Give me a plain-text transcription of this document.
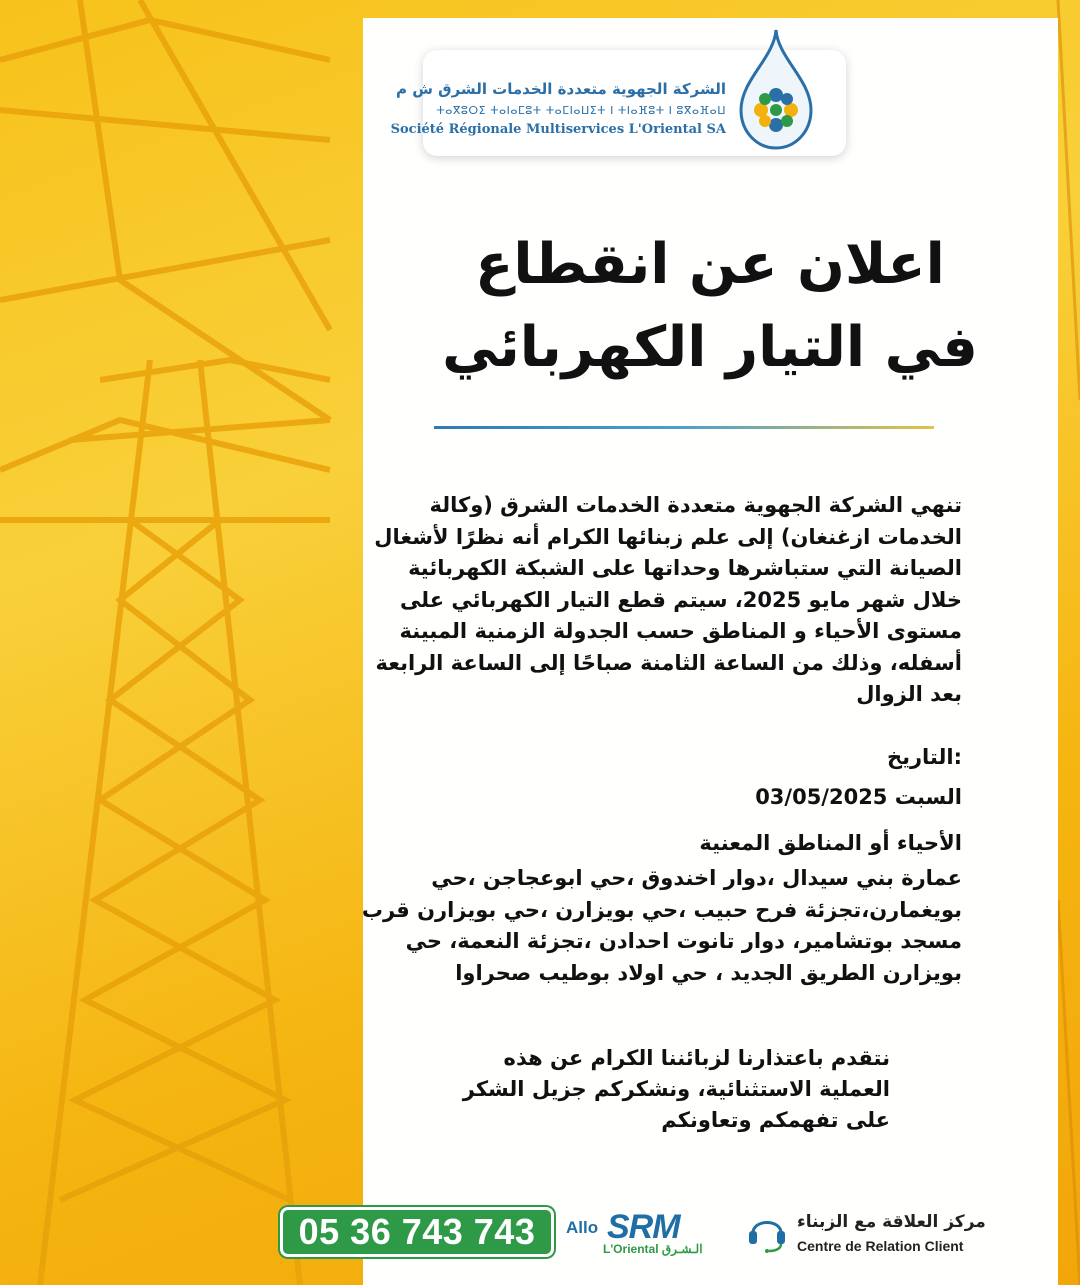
الشركة الجهوية متعددة الخدمات الشرق ش م
ⵜⴰⴳⵓⵔⵉ ⵜⴰⵏⴰⵎⵓⵜ ⵜⴰⵎⵏⴰⵡⵉⵜ ⵏ ⵜⵏⴰⴼⵓⵜ ⵏ ⵓⴳⴰⴼⴰⵡ
Société Régionale Multiservices L'Oriental SA
اعلان عن انقطاع
في التيار الكهربائي
تنهي الشركة الجهوية متعددة الخدمات الشرق (وكالة الخدمات ازغنغان) إلى علم زبنائها الكرام أنه نظرًا لأشغال الصيانة التي ستباشرها وحداتها على الشبكة الكهربائية خلال شهر مايو 2025، سيتم قطع التيار الكهربائي على مستوى الأحياء و المناطق حسب الجدولة الزمنية المبينة أسفله، وذلك من الساعة الثامنة صباحًا إلى الساعة الرابعة بعد الزوال
:التاريخ
السبت 03/05/2025
الأحياء أو المناطق المعنية
عمارة بني سيدال ،دوار اخندوق ،حي ابوعجاجن ،حي بويغمارن،تجزئة فرح حبيب ،حي بويزارن ،حي بويزارن قرب مسجد بوتشامير، دوار تانوت احدادن ،تجزئة النعمة، حي بويزارن الطريق الجديد ، حي اولاد بوطيب صحراوا
نتقدم باعتذارنا لزبائننا الكرام عن هذه العملية الاستثنائية، ونشكركم جزيل الشكر على تفهمكم وتعاونكم
05 36 743 743	Allo SRM
L'Oriental الـشـرق
مركز العلاقة مع الزبناء
Centre de Relation Client
